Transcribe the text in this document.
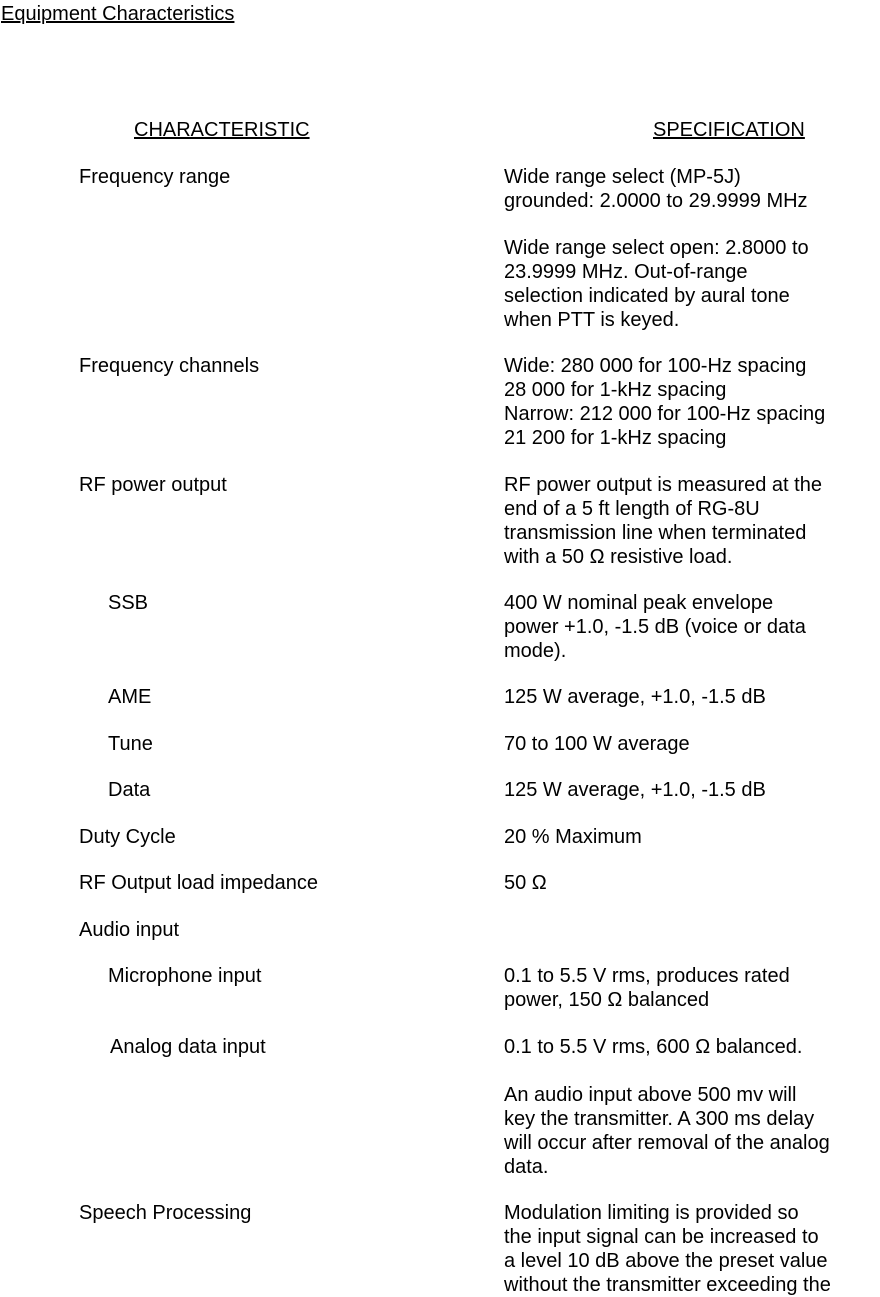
Equipment Characteristics
CHARACTERISTIC	SPECIFICATION
Frequency range
Frequency channels
RF power output
SSB
AME
Tune
Data
Duty Cycle
RF Output load impedance
Audio input
Microphone input
Analog data input
Speech Processing
Wide range select (MP-5J)
grounded: 2.0000 to 29.9999 MHz
Wide range select open: 2.8000 to
23.9999 MHz. Out-of-range
selection indicated by aural tone
when PTT is keyed.
Wide: 280 000 for 100-Hz spacing
28 000 for 1-kHz spacing
Narrow: 212 000 for 100-Hz spacing
21 200 for 1-kHz spacing
RF power output is measured at the
end of a 5 ft length of RG-8U
transmission line when terminated
with a 50 Ω resistive load.
400 W nominal peak envelope
power +1.0, -1.5 dB (voice or data
mode).
125 W average, +1.0, -1.5 dB
70 to 100 W average
125 W average, +1.0, -1.5 dB
20 % Maximum
50 Ω
0.1 to 5.5 V rms, produces rated
power, 150 Ω balanced
0.1 to 5.5 V rms, 600 Ω balanced.
An audio input above 500 mv will
key the transmitter. A 300 ms delay
will occur after removal of the analog
data.
Modulation limiting is provided so
the input signal can be increased to
a level 10 dB above the preset value
without the transmitter exceeding the
